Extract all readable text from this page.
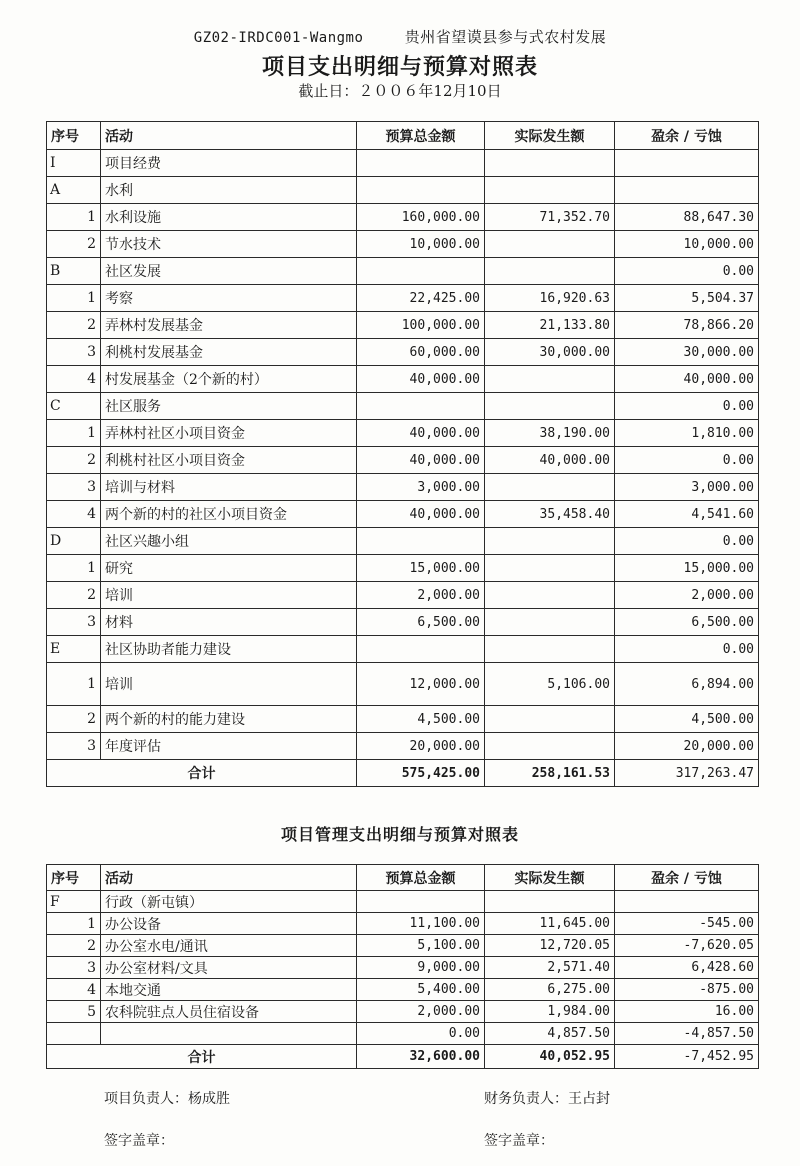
GZ02-IRDC001-Wangmo	贵州省望谟县参与式农村发展
项目支出明细与预算对照表
截止日：２００６年12月10日
序号	活动	预算总金额	实际发生额	盈余 / 亏蚀
I	项目经费			
A	水利			
1	水利设施	160,000.00	71,352.70	88,647.30
2	节水技术	10,000.00		10,000.00
B	社区发展			0.00
1	考察	22,425.00	16,920.63	5,504.37
2	弄林村发展基金	100,000.00	21,133.80	78,866.20
3	利桃村发展基金	60,000.00	30,000.00	30,000.00
4	村发展基金（2个新的村）	40,000.00		40,000.00
C	社区服务			0.00
1	弄林村社区小项目资金	40,000.00	38,190.00	1,810.00
2	利桃村社区小项目资金	40,000.00	40,000.00	0.00
3	培训与材料	3,000.00		3,000.00
4	两个新的村的社区小项目资金	40,000.00	35,458.40	4,541.60
D	社区兴趣小组			0.00
1	研究	15,000.00		15,000.00
2	培训	2,000.00		2,000.00
3	材料	6,500.00		6,500.00
E	社区协助者能力建设			0.00
1	培训	12,000.00	5,106.00	6,894.00
2	两个新的村的能力建设	4,500.00		4,500.00
3	年度评估	20,000.00		20,000.00
合计		575,425.00	258,161.53	317,263.47
项目管理支出明细与预算对照表
序号	活动	预算总金额	实际发生额	盈余 / 亏蚀
F	行政（新屯镇）			
1	办公设备	11,100.00	11,645.00	-545.00
2	办公室水电/通讯	5,100.00	12,720.05	-7,620.05
3	办公室材料/文具	9,000.00	2,571.40	6,428.60
4	本地交通	5,400.00	6,275.00	-875.00
5	农科院驻点人员住宿设备	2,000.00	1,984.00	16.00
		0.00	4,857.50	-4,857.50
合计		32,600.00	40,052.95	-7,452.95
项目负责人：杨成胜	财务负责人：王占封
签字盖章：	签字盖章：
